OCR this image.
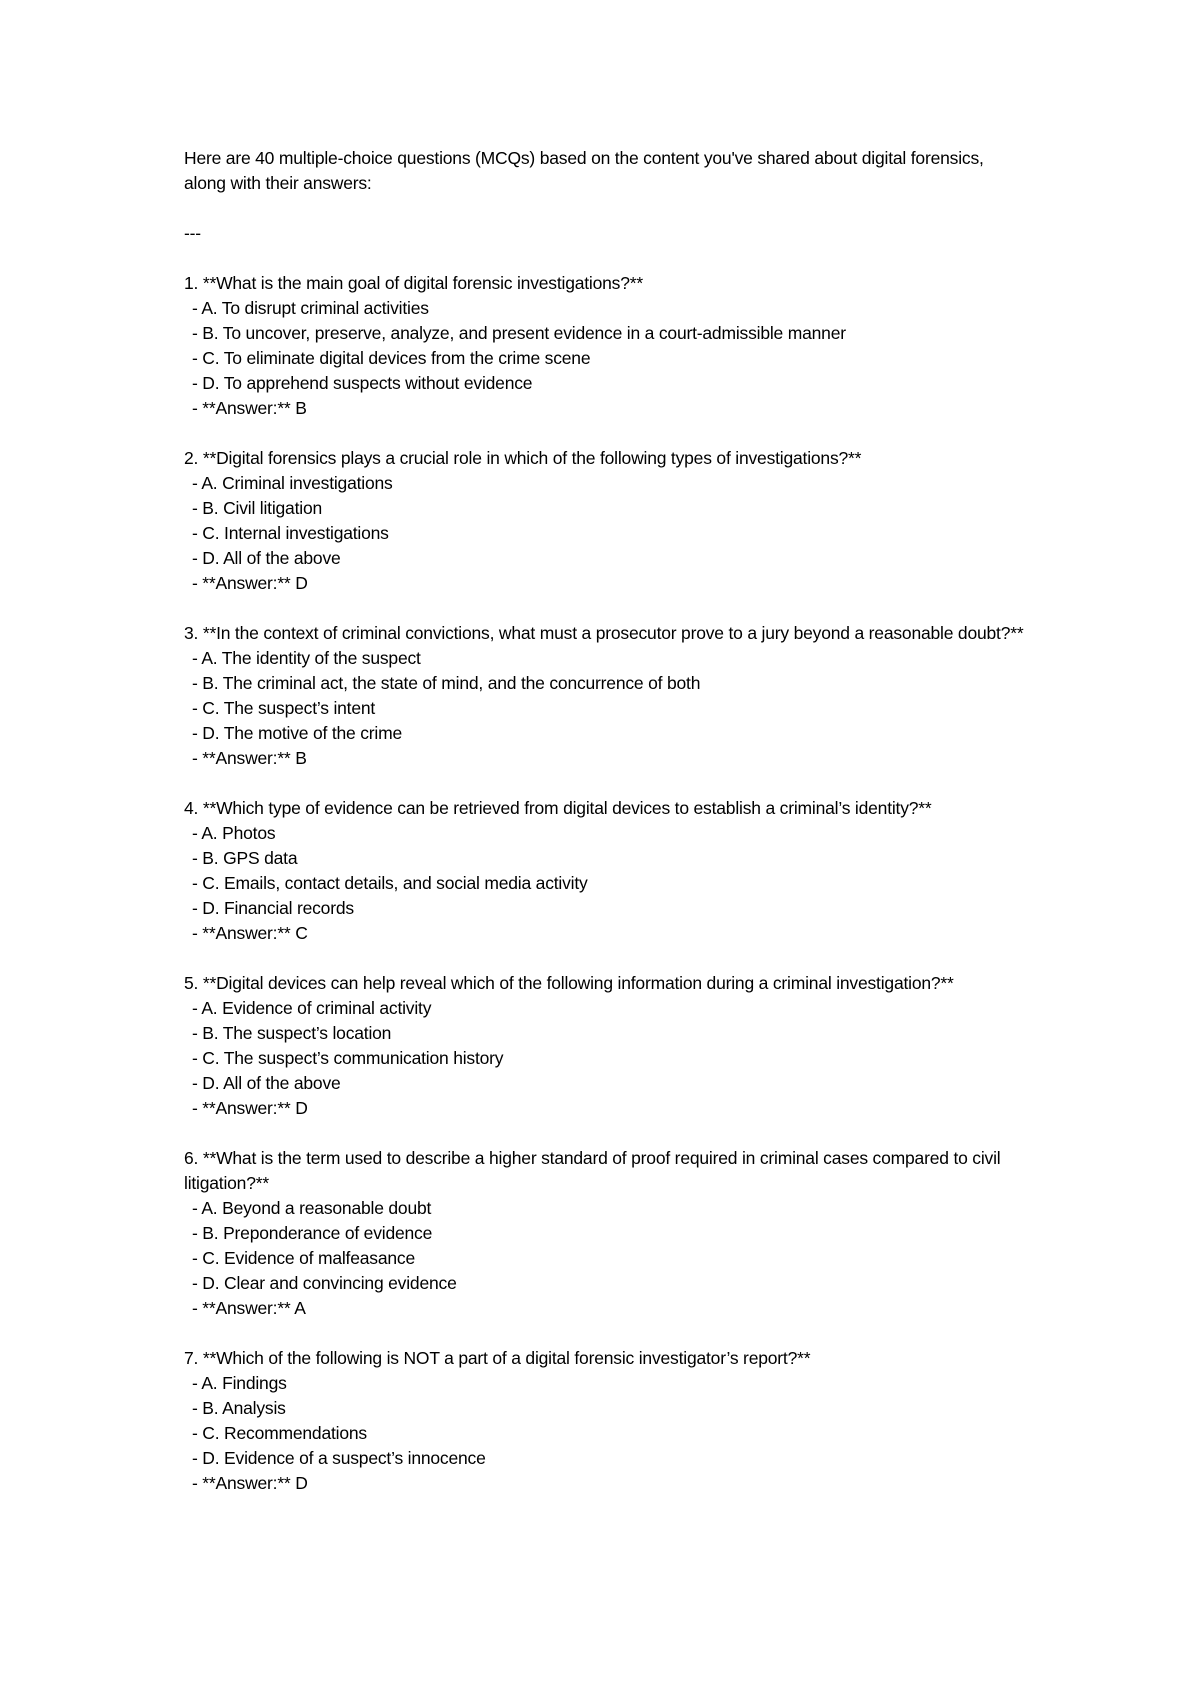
Here are 40 multiple-choice questions (MCQs) based on the content you've shared about digital forensics, along with their answers:

---

1. **What is the main goal of digital forensic investigations?**

- A. To disrupt criminal activities

- B. To uncover, preserve, analyze, and present evidence in a court-admissible manner

- C. To eliminate digital devices from the crime scene

- D. To apprehend suspects without evidence

- **Answer:** B

2. **Digital forensics plays a crucial role in which of the following types of investigations?**

- A. Criminal investigations

- B. Civil litigation

- C. Internal investigations

- D. All of the above

- **Answer:** D

3. **In the context of criminal convictions, what must a prosecutor prove to a jury beyond a reasonable doubt?**

- A. The identity of the suspect

- B. The criminal act, the state of mind, and the concurrence of both

- C. The suspect’s intent

- D. The motive of the crime

- **Answer:** B

4. **Which type of evidence can be retrieved from digital devices to establish a criminal’s identity?**

- A. Photos

- B. GPS data

- C. Emails, contact details, and social media activity

- D. Financial records

- **Answer:** C

5. **Digital devices can help reveal which of the following information during a criminal investigation?**

- A. Evidence of criminal activity

- B. The suspect’s location

- C. The suspect’s communication history

- D. All of the above

- **Answer:** D

6. **What is the term used to describe a higher standard of proof required in criminal cases compared to civil litigation?**

- A. Beyond a reasonable doubt

- B. Preponderance of evidence

- C. Evidence of malfeasance

- D. Clear and convincing evidence

- **Answer:** A

7. **Which of the following is NOT a part of a digital forensic investigator’s report?**

- A. Findings

- B. Analysis

- C. Recommendations

- D. Evidence of a suspect’s innocence

- **Answer:** D
